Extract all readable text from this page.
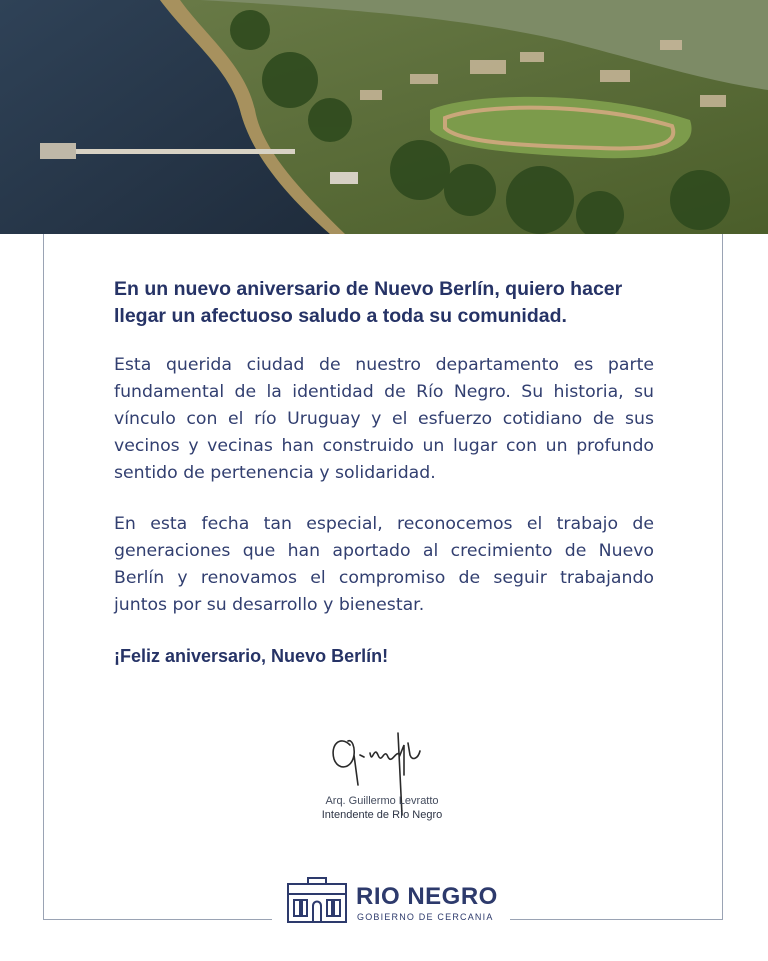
En un nuevo aniversario de Nuevo Berlín, quiero hacer llegar un afectuoso saludo a toda su comunidad.

Esta querida ciudad de nuestro departamento es parte fundamental de la identidad de Río Negro. Su historia, su vínculo con el río Uruguay y el esfuerzo cotidiano de sus vecinos y vecinas han construido un lugar con un profundo sentido de pertenencia y solidaridad.

En esta fecha tan especial, reconocemos el trabajo de generaciones que han aportado al crecimiento de Nuevo Berlín y renovamos el compromiso de seguir trabajando juntos por su desarrollo y bienestar.

¡Feliz aniversario, Nuevo Berlín!

Arq. Guillermo Levratto
Intendente de Río Negro
RIO NEGRO
GOBIERNO DE CERCANIA
